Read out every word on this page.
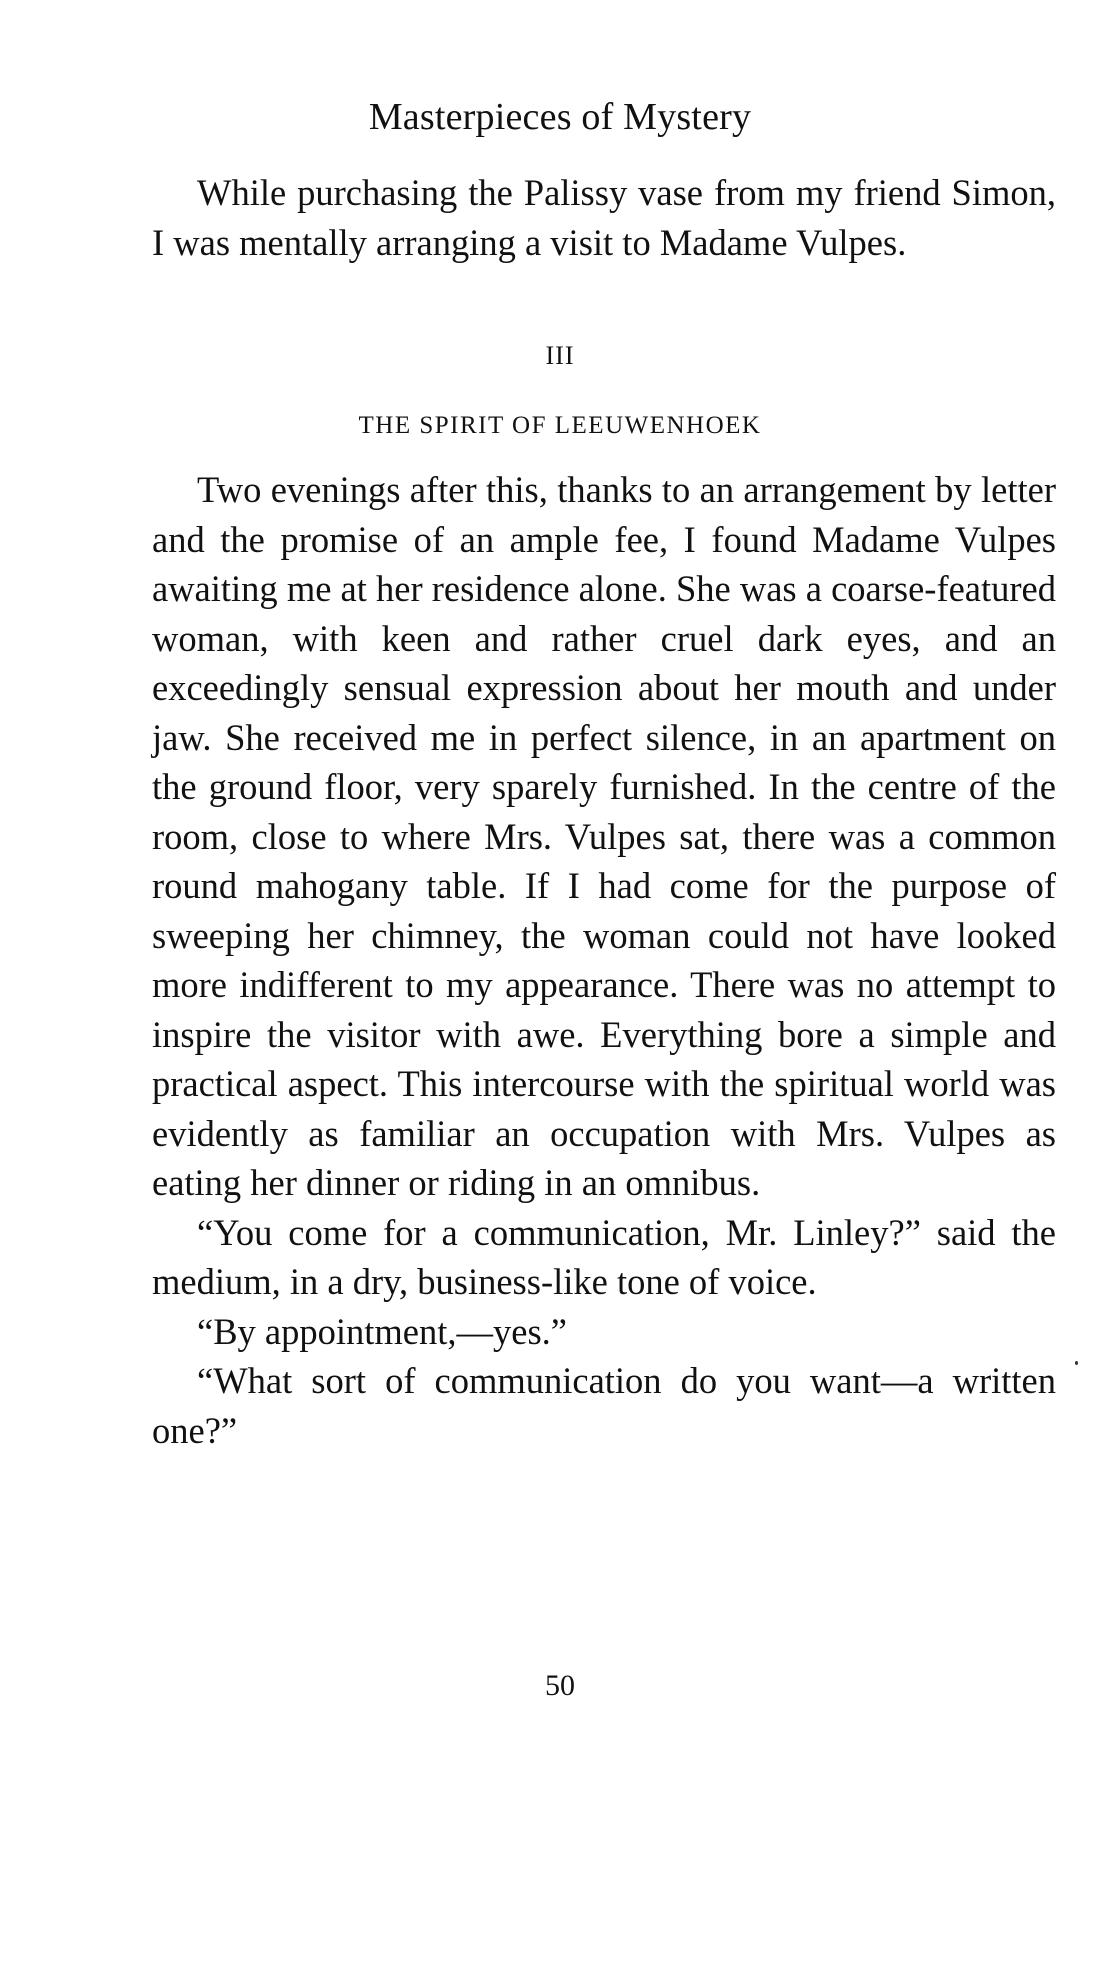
Masterpieces of Mystery

While purchasing the Palissy vase from my friend Simon, I was mentally arranging a visit to Madame Vulpes.

III
THE SPIRIT OF LEEUWENHOEK

Two evenings after this, thanks to an arrangement by letter and the promise of an ample fee, I found Madame Vulpes awaiting me at her residence alone. She was a coarse-featured woman, with keen and rather cruel dark eyes, and an exceedingly sensual expression about her mouth and under jaw. She received me in perfect silence, in an apartment on the ground floor, very sparely furnished. In the centre of the room, close to where Mrs. Vulpes sat, there was a common round mahogany table. If I had come for the purpose of sweeping her chimney, the woman could not have looked more indifferent to my appearance. There was no attempt to inspire the visitor with awe. Everything bore a simple and practical aspect. This intercourse with the spiritual world was evidently as familiar an occupation with Mrs. Vulpes as eating her dinner or riding in an omnibus.

“You come for a communication, Mr. Linley?” said the medium, in a dry, business-like tone of voice.

“By appointment,—yes.”

“What sort of communication do you want—a written one?”

50
